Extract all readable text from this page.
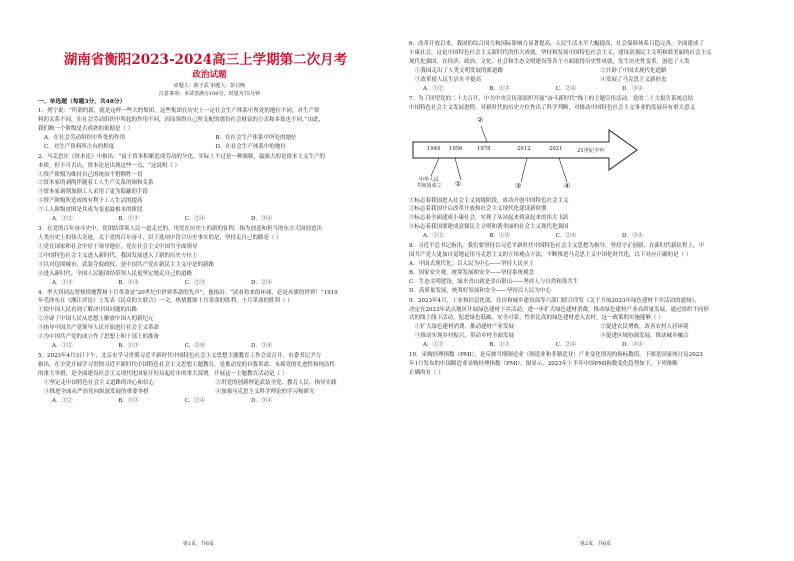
湖南省衡阳2023-2024高三上学期第二次月考
政治试题
命题人：陈子武 审题人：彭日晚
注意事项：本试卷满分100分，时量为75分钟
一、单选题（每题3分，共48分）
1．列宁说：“所谓的新，就是这样一些大的集团，这些集团在历史上一定社会生产体系中所处的地位不同，对生产资
料的关系不同，在社会劳动组织中所起的作用不同，因而领得自己所支配的那份社会财富的方式和多寡也不同。”由此，
我们断一个阶级是否成熟的依据是（ ）
A．在社会劳动组织中所处的作用	B．在社会生产体系中所处的地位
C．对生产资料所占有的程度	D．在社会生产体系中的地位
2．马克思在《资本论》中指出：“由于资本积累造成劳动的分化，实际上不过是一种强制，最强大的是资本主义生产的
本质。但不可否认，资本论是出现这些一点，“这说明（ ）
①资产阶级为维持自己的统治不惜牺牲一切
②资本家的剥削伴随着工人生产关系的调和关系
③资本家剥削加剧工人采用了更为隐蔽的手段
④资产阶级所造成的有利于工人生活的提高
⑤工人阶级贫困是其成为变更最根本的阶段
A．①②	B．①③	C．②④	D．③④
3．在党的百年奋斗史中，党团结带领人民一道走过的，用党在历史上的新的征程，指为创造和担当的东方大国创造出
人类历史上的伟大奇迹。关于党的百年奋斗，以下选项中符合历史事实的是，坚持走自己的路是（ ）
①党在国家和社会中居于领导地位，党在社会主义中国当全面领导
②中国特色社会主义进入新时代，我国发展进入了新的历史方位上
③以对包围城市、武装夺取政权，是中国共产党在新民主主义中是的新路
④进入新时代，全国人民能团结带领人民更坚定地走自己的道路
A．①③	B．①④	C．②③	D．②④
4．李大钊同志曾热情地赞扬十月革命是“20世纪中世界革命的先声”，他指出：“试看将来的环球，必是赤旗的世界！”1919
年毛泽东在《湘江评论》上发表《民众的大联合》一文，热情歌颂十月革命的胜利。十月革命的胜利（ ）
①使中国人民看到了解决中国问题的出路
②开辟了中国人民从思想上解放中国人的新纪元
③指导中国共产党领导人民开始进行社会主义革命
④为中国共产党的成立作了思想上和干部上的准备
A．①②	B．①③	C．②④	D．③④
5．2023年4月3日下午，北京市学习贯彻习近平新时代中国特色社会主义思想主题教育工作会议召开。市委书记尹力
指出，在全党开展学习贯彻习近平新时代中国特色社会主义思想主题教育，是推动党的自我革命、永葆党的先进性和纯洁性
的重大举措，是全面建设社会主义现代化国家开好局起好步的重大部署。开展这一主题教育活动是（ ）
①坚定走中国特色社会主义道路的决心和信心	②用党的创新理论武装全党、教育人民、指导实践
③推进全面从严治党向纵深发展的重要举措	④加强马克思主义科学理论的学习和研究
A．①②	B．①③	C．②④	D．③④
第1页，共6页
6．改革开放以来，我国的综合国力和国际影响力显著提高，人民生活水平大幅提高，社会保障体系日趋完善，全面建成了
小康社会，这是中国特色社会主义新时代的伟大成就。坚持和发展中国特色社会主义，建设富强民主文明和谐美丽的社会主义
现代化强国，在经济、政治、文化、社会和生态文明建设等各个方面取得历史性成就，发生历史性变革，创造了人类
①我国走出了人类文明发展的新道路	②开辟了中国式现代化道路
③改革使人民生活水平提高	④发展了马克思主义新形态
A．①②	B．①③	C．②④	D．③④
7．为了回望党的二十大召开，中共中央宣传部组织开展“奋斗新时代”线上的主题宣传活动，党的二十大报告系统总结
中国特色社会主义发展进程，对新时代的历史方位作出了科学判断，对推动中国特色社会主义事业的发展具有重大意义
1949 1956	1978	2012	2021	21世纪中叶
中华人民
共和国成立	①
②
③	④
①标志着我国进入社会主义初级阶段，成功开创中国特色社会主义
②标志着我国开启改革开放和社会主义现代化建设新时期
③标志着全面建成小康社会，实现了从站起来到富起来的伟大飞跃
④标志着我国要建成富强民主文明和谐美丽的社会主义现代化强国
A．①②	B．①③	C．②④	D．③④
8．习近平总书记指出，我们要坚持以习近平新时代中国特色社会主义思想为指导，坚持守正创新，在新时代新征程上，中
国共产党人更加自觉地运用马克思主义的立场观点方法，不断推进马克思主义中国化时代化，以下对应正确的是（ ）
A．中国式现代化，以人民为中心——坚持人民至上
B．国家安全观，统筹发展和安全——坚持系统观念
C．生态文明建设，绿水青山就是金山银山——坚持人与自然和谐共生
D．高质量发展，统筹好发展和安全——坚持以人民为中心
9．2023年4月，工业和信息化部、住房和城乡建设部等六部门联合印发《关于开展2023年绿色建材下乡活动的通知》，
决定在2023年试点地区开展绿色建材下乡活动，进一步扩大绿色建材消费，推动绿色建材产业高质量发展，通过组织不同形
式的线上线下活动，促进绿色低碳、安全可靠、性价比高的绿色建材进入农村，这一政策的实施能够（ ）
①扩大绿色建材消费，推动建材产业发展	②促进农民增收，改善农村人居环境
③推动实现乡村振兴，带动乡村全面发展	④促进区域协调发展，推动城乡融合
A．①②	B．①③	C．②④	D．③④
10．采购经理指数（PMI），是反映当期制造业（制造业和非制造业）产业变化情况的指标数值。下图是国家统计局2023
年1月发布的中国制造业采购经理指数（PMI）。图显示，2023年上半年中国PMI指数变化趋势如下，下列推断
正确的有（ ）
第2页，共6页
